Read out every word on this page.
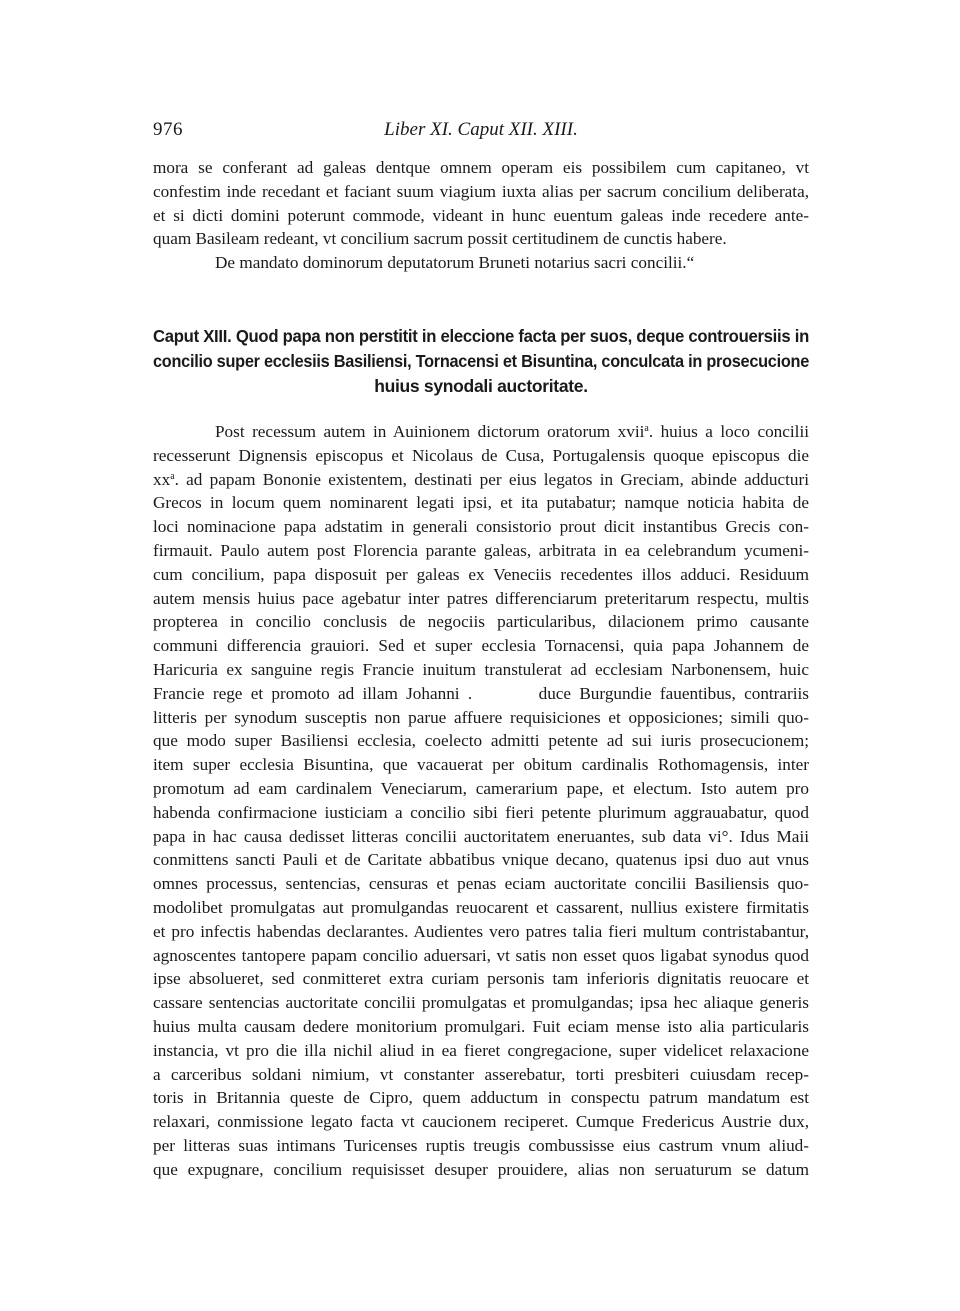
976	Liber XI. Caput XII. XIII.
mora se conferant ad galeas dentque omnem operam eis possibilem cum capitaneo, vt
confestim inde recedant et faciant suum viagium iuxta alias per sacrum concilium deliberata,
et si dicti domini poterunt commode, videant in hunc euentum galeas inde recedere ante-
quam Basileam redeant, vt concilium sacrum possit certitudinem de cunctis habere.
De mandato dominorum deputatorum Bruneti notarius sacri concilii.“
Caput XIII. Quod papa non perstitit in eleccione facta per suos, deque controuersiis in
concilio super ecclesiis Basiliensi, Tornacensi et Bisuntina, conculcata in prosecucione
huius synodali auctoritate.
Post recessum autem in Auinionem dictorum oratorum xvii$^a$. huius a loco concilii
recesserunt Dignensis episcopus et Nicolaus de Cusa, Portugalensis quoque episcopus die
$xx^a$. ad papam Bononie existentem, destinati per eius legatos in Greciam, abinde adducturi
Grecos in locum quem nominarent legati ipsi, et ita putabatur; namque noticia habita de
loci nominacione papa adstatim in generali consistorio prout dicit instantibus Grecis con-
firmauit. Paulo autem post Florencia parante galeas, arbitrata in ea celebrandum ycumeni-
cum concilium, papa disposuit per galeas ex Veneciis recedentes illos adduci. Residuum
autem mensis huius pace agebatur inter patres differenciarum preteritarum respectu, multis
propterea in concilio conclusis de negociis particularibus, dilacionem primo causante
communi differencia grauiori. Sed et super ecclesia Tornacensi, quia papa Johannem de
Haricuria ex sanguine regis Francie inuitum transtulerat ad ecclesiam Narbonensem, huic
Francie rege et promoto ad illam Johanni .        duce Burgundie fauentibus, contrariis
litteris per synodum susceptis non parue affuere requisiciones et opposiciones; simili quo-
que modo super Basiliensi ecclesia, coelecto admitti petente ad sui iuris prosecucionem;
item super ecclesia Bisuntina, que vacauerat per obitum cardinalis Rothomagensis, inter
promotum ad eam cardinalem Veneciarum, camerarium pape, et electum. Isto autem pro
habenda confirmacione iusticiam a concilio sibi fieri petente plurimum aggrauabatur, quod
papa in hac causa dedisset litteras concilii auctoritatem eneruantes, sub data vi°. Idus Maii
conmittens sancti Pauli et de Caritate abbatibus vnique decano, quatenus ipsi duo aut vnus
omnes processus, sentencias, censuras et penas eciam auctoritate concilii Basiliensis quo-
modolibet promulgatas aut promulgandas reuocarent et cassarent, nullius existere firmitatis
et pro infectis habendas declarantes. Audientes vero patres talia fieri multum contristabantur,
agnoscentes tantopere papam concilio aduersari, vt satis non esset quos ligabat synodus quod
ipse absolueret, sed conmitteret extra curiam personis tam inferioris dignitatis reuocare et
cassare sentencias auctoritate concilii promulgatas et promulgandas; ipsa hec aliaque generis
huius multa causam dedere monitorium promulgari. Fuit eciam mense isto alia particularis
instancia, vt pro die illa nichil aliud in ea fieret congregacione, super videlicet relaxacione
a carceribus soldani nimium, vt constanter asserebatur, torti presbiteri cuiusdam recep-
toris in Britannia queste de Cipro, quem adductum in conspectu patrum mandatum est
relaxari, conmissione legato facta vt caucionem reciperet. Cumque Fredericus Austrie dux,
per litteras suas intimans Turicenses ruptis treugis combussisse eius castrum vnum aliud-
que expugnare, concilium requisisset desuper prouidere, alias non seruaturum se datum
